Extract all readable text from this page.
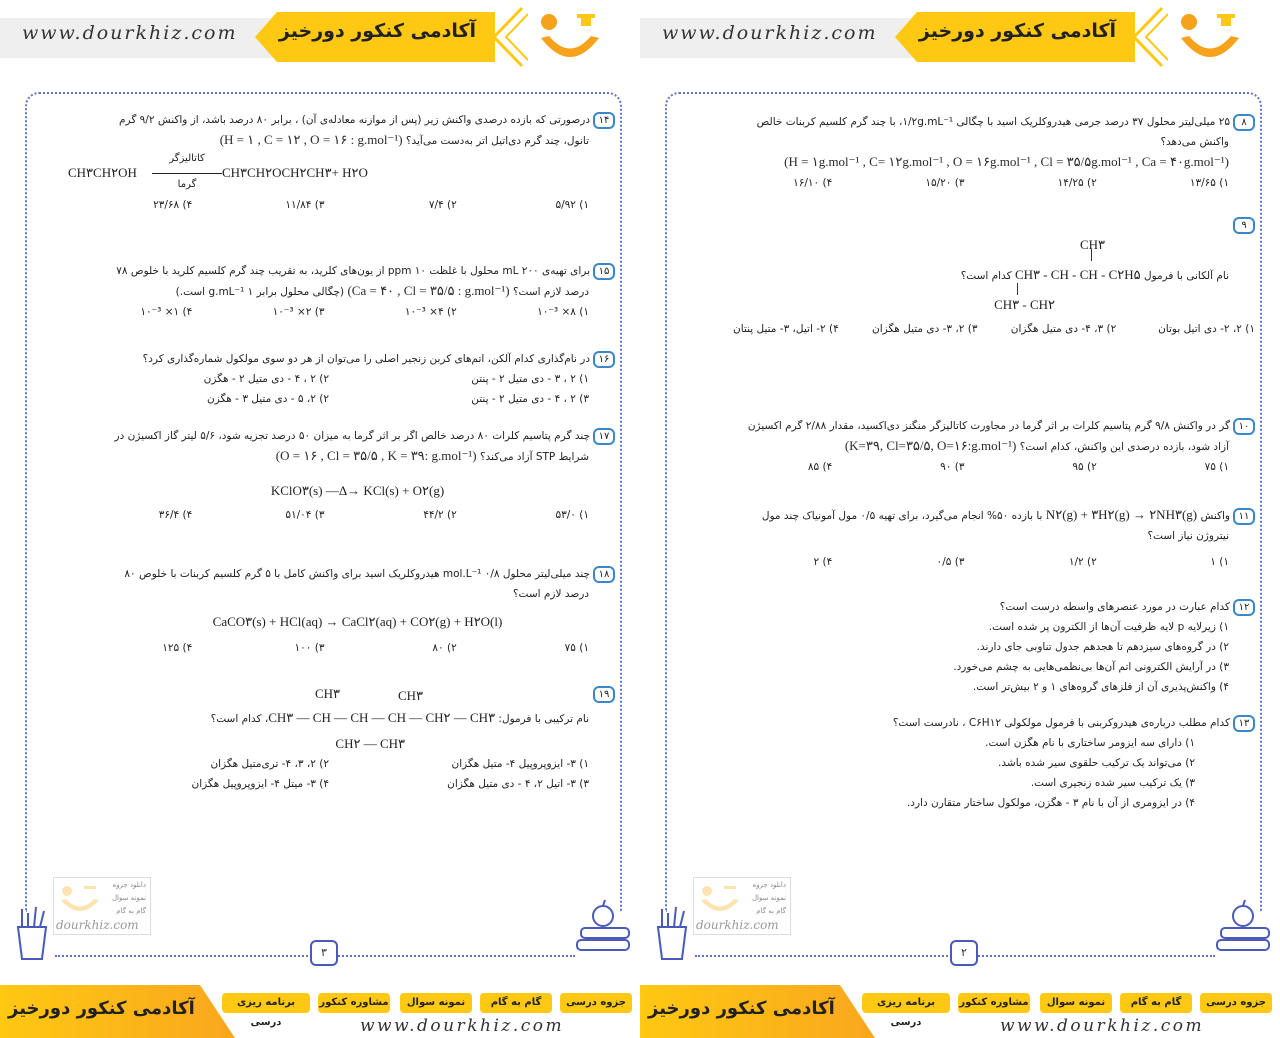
www.dourkhiz.com	آکادمی کنکور دورخیز
۸۲۵ میلی‌لیتر محلول ۳۷ درصد جرمی هیدروکلریک اسید با چگالی ‎۱/۲g.mL⁻¹‎، با چند گرم کلسیم کربنات خالص
واکنش می‌دهد؟
(H = ۱g.mol⁻¹ , C= ۱۲g.mol⁻¹ , O = ۱۶g.mol⁻¹ , Cl = ۳۵/۵g.mol⁻¹ , Ca = ۴۰g.mol⁻¹)
۱) ۱۳/۶۵
۲) ۱۴/۲۵
۳) ۱۵/۲۰
۴) ۱۶/۱۰
۹
CH۳
نام آلکانی با فرمول CH۳ - CH - CH - C۲H۵ کدام است؟
CH۳ - CH۲
۱) ۲، ۲- دی اتیل بوتان
۲) ۳، ۴- دی متیل هگزان
۳) ۲، ۳- دی متیل هگزان
۴) ۲- اتیل، ۳- متیل پنتان
۱۰گر در واکنش ۹/۸ گرم پتاسیم کلرات بر اثر گرما در مجاورت کاتالیزگر منگنز دی‌اکسید، مقدار ۲/۸۸ گرم اکسیژن
آزاد شود، بازده درصدی این واکنش، کدام است؟ (K=۳۹, Cl=۳۵/۵, O=۱۶:g.mol⁻¹)
۱) ۷۵
۲) ۹۵
۳) ۹۰
۴) ۸۵
۱۱واکنش N۲(g) + ۳H۲(g) → ۲NH۳(g) با بازده ۵۰% انجام می‌گیرد، برای تهیه ۰/۵ مول آمونیاک چند مول
نیتروژن نیاز است؟
۱) ۱
۲) ۱/۲
۳) ۰/۵
۴) ۲
۱۲کدام عبارت در مورد عنصرهای واسطه درست است؟
۱) زیرلایه p لایه ظرفیت آن‌ها از الکترون پر شده است.
۲) در گروه‌های سیزدهم تا هجدهم جدول تناوبی جای دارند.
۳) در آرایش الکترونی اتم آن‌ها بی‌نظمی‌هایی به چشم می‌خورد.
۴) واکنش‌پذیری آن از فلزهای گروه‌های ۱ و ۲ بیش‌تر است.
۱۳کدام مطلب درباره‌ی هیدروکربنی با فرمول مولکولی C۶H۱۲ ، نادرست است؟
۱) دارای سه ایزومر ساختاری با نام هگزن است.
۲) می‌تواند یک ترکیب حلقوی سیر شده باشد.
۳) یک ترکیب سیر شده زنجیری است.
۴) در ایزومری از آن با نام ۳ - هگزن، مولکول ساختار متقارن دارد.
دانلود جزوه
نمونه سوال
گام به گام
dourkhiz.com
۲
آکادمی کنکور دورخیز	جزوه درسی
گام به گام
نمونه سوال
مشاوره کنکور
برنامه ریزی درسی	www.dourkhiz.com
www.dourkhiz.com	آکادمی کنکور دورخیز
۱۴درصورتی که بازده درصدی واکنش زیر (پس از موازنه معادله‌ی آن) ، برابر ۸۰ درصد باشد، از واکنش ۹/۲ گرم
تانول، چند گرم دی‌اتیل اتر به‌دست می‌آید؟ (H = ۱ , C = ۱۲ , O = ۱۶ : g.mol⁻¹)
CH۳CH۲OH
کاتالیزگر
گرما
CH۳CH۲OCH۲CH۳+ H۲O
۱) ۵/۹۲
۲) ۷/۴
۳) ۱۱/۸۴
۴) ۲۳/۶۸
۱۵برای تهیه‌ی ۲۰۰ mL محلول با غلظت ۱۰ ppm از یون‌های کلرید، به تقریب چند گرم کلسیم کلرید با خلوص ۷۸
درصد لازم است؟ (Ca = ۴۰ , Cl = ۳۵/۵ : g.mol⁻¹) (چگالی محلول برابر ۱ g.mL⁻¹ است.)
۱) ۸× ۱۰⁻³
۲) ۴× ۱۰⁻³
۳) ۲× ۱۰⁻³
۴) ۱× ۱۰⁻³
۱۶در نام‌گذاری کدام آلکن، اتم‌های کربن زنجیر اصلی را می‌توان از هر دو سوی مولکول شماره‌گذاری کرد؟
۱) ۲ ، ۳ - دی متیل ۲ - پنتن
۲) ۲ ، ۴ - دی متیل ۲ - هگزن
۳) ۲ ، ۴ - دی متیل ۲ - پنتن
۲) ۲، ۵ - دی متیل ۳ - هگزن
۱۷چند گرم پتاسیم کلرات ۸۰ درصد خالص اگر بر اثر گرما به میزان ۵۰ درصد تجزیه شود، ۵/۶ لیتر گاز اکسیژن در
شرایط STP آزاد می‌کند؟ (O = ۱۶ , Cl = ۳۵/۵ , K = ۳۹: g.mol⁻¹)
KClO۳(s) ―Δ→ KCl(s) + O۲(g)
۱) ۵۳/۰
۲) ۴۴/۲
۳) ۵۱/۰۴
۴) ۳۶/۴
۱۸چند میلی‌لیتر محلول ۰/۸ mol.L⁻¹ هیدروکلریک اسید برای واکنش کامل با ۵ گرم کلسیم کربنات با خلوص ۸۰
درصد لازم است؟
CaCO۳(s) + HCl(aq) → CaCl۲(aq) + CO۲(g) + H۲O(l)
۱) ۷۵
۲) ۸۰
۳) ۱۰۰
۴) ۱۲۵
۱۹
CH۳	CH۳
نام ترکیبی با فرمول: CH۳ — CH — CH — CH — CH۲ — CH۳، کدام است؟
CH۲ — CH۳
۱) ۳- ایزوپروپیل ۴- متیل هگزان
۲) ۲، ۳، ۴- تری‌متیل هگزان
۳) ۳- اتیل ۲، ۴ - دی متیل هگزان
۴) ۳- میتل ۴- ایزوپروپیل هگزان
دانلود جزوه
نمونه سوال
گام به گام
dourkhiz.com
۳
آکادمی کنکور دورخیز	جزوه درسی
گام به گام
نمونه سوال
مشاوره کنکور
برنامه ریزی درسی	www.dourkhiz.com
